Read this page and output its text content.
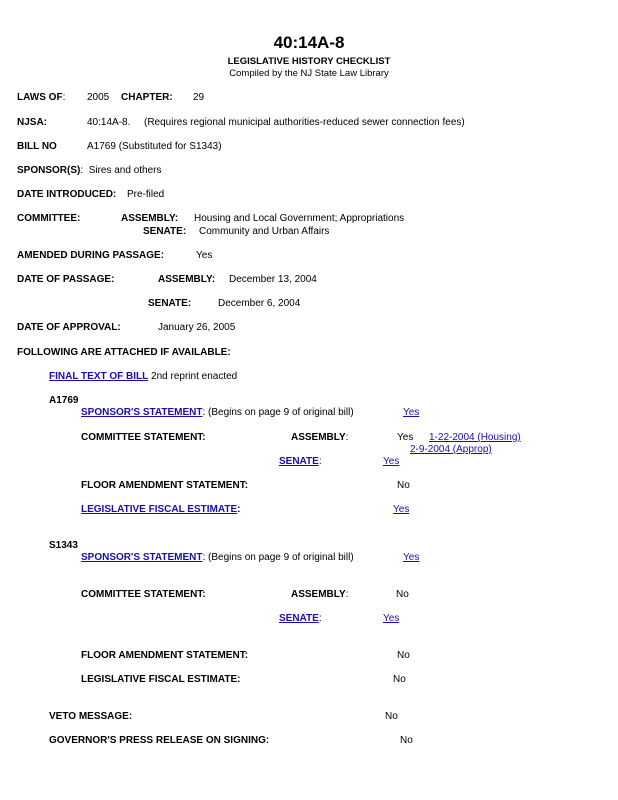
40:14A-8
LEGISLATIVE HISTORY CHECKLIST
Compiled by the NJ State Law Library
LAWS OF: 2005 CHAPTER: 29
NJSA:	40:14A-8. (Requires regional municipal authorities-reduced sewer connection fees)
BILL NO	A1769 (Substituted for S1343)
SPONSOR(S):  Sires and others
DATE INTRODUCED: Pre-filed
COMMITTEE:	ASSEMBLY: Housing and Local Government; Appropriations
SENATE: Community and Urban Affairs
AMENDED DURING PASSAGE:	Yes
DATE OF PASSAGE:	ASSEMBLY: December 13, 2004
SENATE:	December 6, 2004
DATE OF APPROVAL:	January 26, 2005
FOLLOWING ARE ATTACHED IF AVAILABLE:
FINAL TEXT OF BILL 2nd reprint enacted
A1769
SPONSOR'S STATEMENT: (Begins on page 9 of original bill)	Yes
COMMITTEE STATEMENT:	ASSEMBLY:	Yes 1-22-2004 (Housing)
2-9-2004 (Approp)
SENATE:	Yes
FLOOR AMENDMENT STATEMENT:	No
LEGISLATIVE FISCAL ESTIMATE:	Yes
S1343
SPONSOR'S STATEMENT: (Begins on page 9 of original bill)	Yes
COMMITTEE STATEMENT:	ASSEMBLY:	No
SENATE:	Yes
FLOOR AMENDMENT STATEMENT:	No
LEGISLATIVE FISCAL ESTIMATE:	No
VETO MESSAGE:	No
GOVERNOR'S PRESS RELEASE ON SIGNING:	No
